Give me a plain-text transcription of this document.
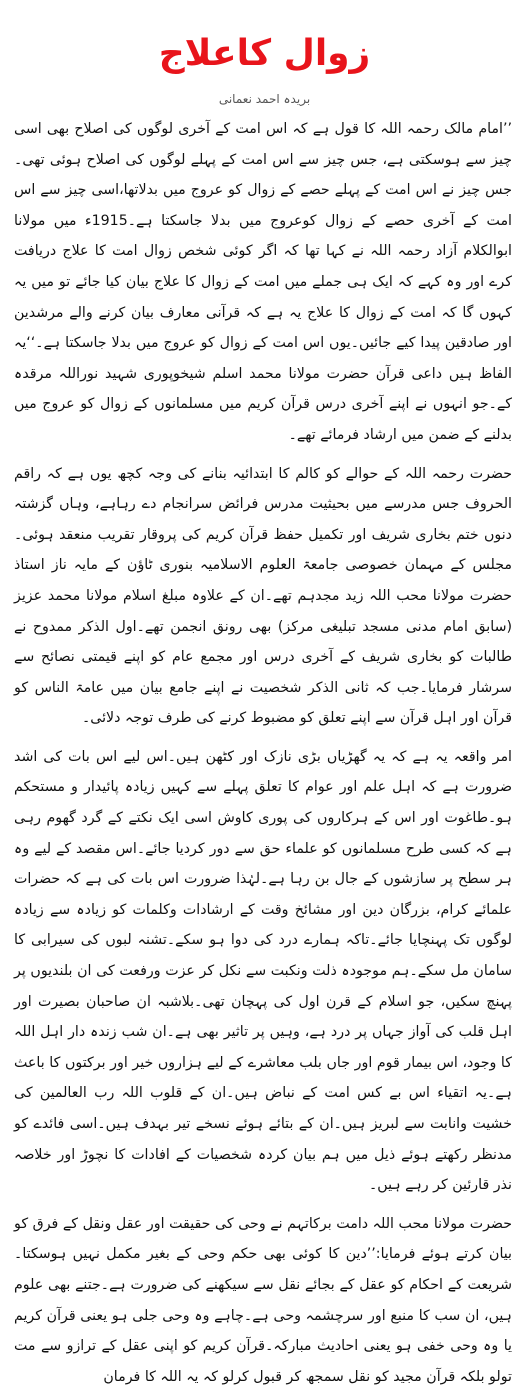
زوال کاعلاج
بریدہ احمد نعمانی

’’امام مالک رحمہ اللہ کا قول ہے کہ اس امت کے آخری لوگوں کی اصلاح بھی اسی چیز سے ہوسکتی ہے، جس چیز سے اس امت کے پہلے لوگوں کی اصلاح ہوئی تھی۔جس چیز نے اس امت کے پہلے حصے کے زوال کو عروج میں بدلاتھا،اسی چیز سے اس امت کے آخری حصے کے زوال کوعروج میں بدلا جاسکتا ہے۔1915ء میں مولانا ابوالکلام آزاد رحمہ اللہ نے کہا تھا کہ اگر کوئی شخص زوال امت کا علاج دریافت کرے اور وہ کہے کہ ایک ہی جملے میں امت کے زوال کا علاج بیان کیا جائے تو میں یہ کہوں گا کہ امت کے زوال کا علاج یہ ہے کہ قرآنی معارف بیان کرنے والے مرشدین اور صادقین پیدا کیے جائیں۔یوں اس امت کے زوال کو عروج میں بدلا جاسکتا ہے۔‘‘یہ الفاظ ہیں داعی قرآن حضرت مولانا محمد اسلم شیخوپوری شہید نوراللہ مرقدہ کے۔جو انہوں نے اپنے آخری درس قرآن کریم میں مسلمانوں کے زوال کو عروج میں بدلنے کے ضمن میں ارشاد فرمائے تھے۔

حضرت رحمہ اللہ کے حوالے کو کالم کا ابتدائیہ بنانے کی وجہ کچھ یوں ہے کہ راقم الحروف جس مدرسے میں بحیثیت مدرس فرائض سرانجام دے رہاہے، وہاں گزشتہ دنوں ختم بخاری شریف اور تکمیل حفظ قرآن کریم کی پروقار تقریب منعقد ہوئی۔ مجلس کے مہمان خصوصی جامعۃ العلوم الاسلامیہ بنوری ٹاؤن کے مایہ ناز استاذ حضرت مولانا محب اللہ زید مجدہم تھے۔ان کے علاوہ مبلغ اسلام مولانا محمد عزیز (سابق امام مدنی مسجد تبلیغی مرکز) بھی رونق انجمن تھے۔اول الذکر ممدوح نے طالبات کو بخاری شریف کے آخری درس اور مجمع عام کو اپنے قیمتی نصائح سے سرشار فرمایا۔جب کہ ثانی الذکر شخصیت نے اپنے جامع بیان میں عامۃ الناس کو قرآن اور اہل قرآن سے اپنے تعلق کو مضبوط کرنے کی طرف توجہ دلائی۔

امر واقعہ یہ ہے کہ یہ گھڑیاں بڑی نازک اور کٹھن ہیں۔اس لیے اس بات کی اشد ضرورت ہے کہ اہل علم اور عوام کا تعلق پہلے سے کہیں زیادہ پائیدار و مستحکم ہو۔طاغوت اور اس کے ہرکاروں کی پوری کاوش اسی ایک نکتے کے گرد گھوم رہی ہے کہ کسی طرح مسلمانوں کو علماء حق سے دور کردیا جائے۔اس مقصد کے لیے وہ ہر سطح پر سازشوں کے جال بن رہا ہے۔لہٰذا ضرورت اس بات کی ہے کہ حضرات علمائے کرام، بزرگان دین اور مشائخ وقت کے ارشادات وکلمات کو زیادہ سے زیادہ لوگوں تک پہنچایا جائے۔تاکہ ہمارے درد کی دوا ہو سکے۔تشنہ لبوں کی سیرابی کا سامان مل سکے۔ہم موجودہ ذلت ونکبت سے نکل کر عزت ورفعت کی ان بلندیوں پر پہنچ سکیں، جو اسلام کے قرن اول کی پہچان تھی۔بلاشبہ ان صاحبان بصیرت اور اہل قلب کی آواز جہاں پر درد ہے، وہیں پر تاثیر بھی ہے۔ان شب زندہ دار اہل اللہ کا وجود، اس بیمار قوم اور جاں بلب معاشرے کے لیے ہزاروں خیر اور برکتوں کا باعث ہے۔یہ اتقیاء اس بے کس امت کے نباض ہیں۔ان کے قلوب اللہ رب العالمین کی خشیت وانابت سے لبریز ہیں۔ان کے بتائے ہوئے نسخے تیر بہدف ہیں۔اسی فائدے کو مدنظر رکھتے ہوئے ذیل میں ہم بیان کردہ شخصیات کے افادات کا نچوڑ اور خلاصہ نذر قارئین کر رہے ہیں۔

حضرت مولانا محب اللہ دامت برکاتہم نے وحی کی حقیقت اور عقل ونقل کے فرق کو بیان کرتے ہوئے فرمایا:’’دین کا کوئی بھی حکم وحی کے بغیر مکمل نہیں ہوسکتا۔شریعت کے احکام کو عقل کے بجائے نقل سے سیکھنے کی ضرورت ہے۔جتنے بھی علوم ہیں، ان سب کا منبع اور سرچشمہ وحی ہے۔چاہے وہ وحی جلی ہو یعنی قرآن کریم یا وہ وحی خفی ہو یعنی احادیث مبارکہ۔قرآن کریم کو اپنی عقل کے ترازو سے مت تولو بلکہ قرآن مجید کو نقل سمجھ کر قبول کرلو کہ یہ اللہ کا فرمان
